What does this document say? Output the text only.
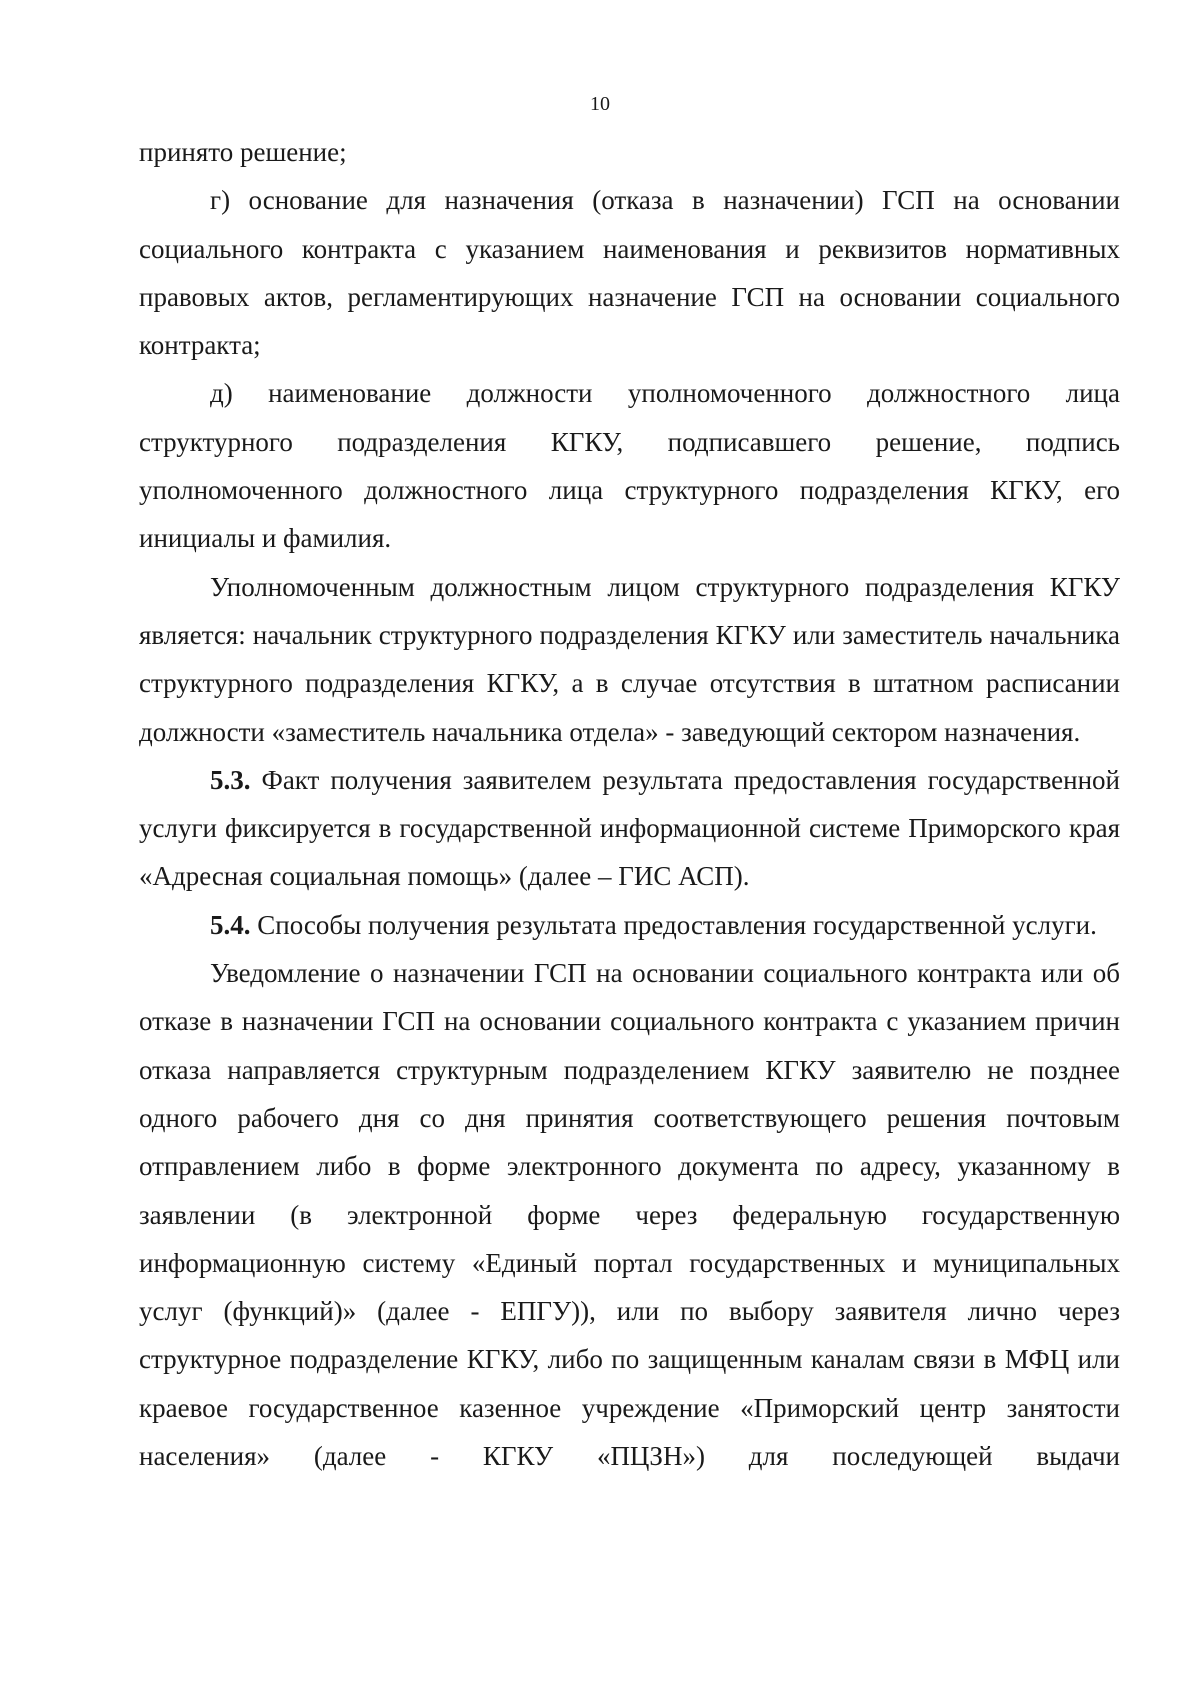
10

принято решение;

г) основание для назначения (отказа в назначении) ГСП на основании социального контракта с указанием наименования и реквизитов нормативных правовых актов, регламентирующих назначение ГСП на основании социального контракта;

д) наименование должности уполномоченного должностного лица структурного подразделения КГКУ, подписавшего решение, подпись уполномоченного должностного лица структурного подразделения КГКУ, его инициалы и фамилия.

Уполномоченным должностным лицом структурного подразделения КГКУ является: начальник структурного подразделения КГКУ или заместитель начальника структурного подразделения КГКУ, а в случае отсутствия в штатном расписании должности «заместитель начальника отдела» - заведующий сектором назначения.

5.3. Факт получения заявителем результата предоставления государственной услуги фиксируется в государственной информационной системе Приморского края «Адресная социальная помощь» (далее – ГИС АСП).

5.4. Способы получения результата предоставления государственной услуги.

Уведомление о назначении ГСП на основании социального контракта или об отказе в назначении ГСП на основании социального контракта с указанием причин отказа направляется структурным подразделением КГКУ заявителю не позднее одного рабочего дня со дня принятия соответствующего решения почтовым отправлением либо в форме электронного документа по адресу, указанному в заявлении (в электронной форме через федеральную государственную информационную систему «Единый портал государственных и муниципальных услуг (функций)» (далее - ЕПГУ)), или по выбору заявителя лично через структурное подразделение КГКУ, либо по защищенным каналам связи в МФЦ или краевое государственное казенное учреждение «Приморский центр занятости населения» (далее - КГКУ «ПЦЗН») для последующей выдачи
